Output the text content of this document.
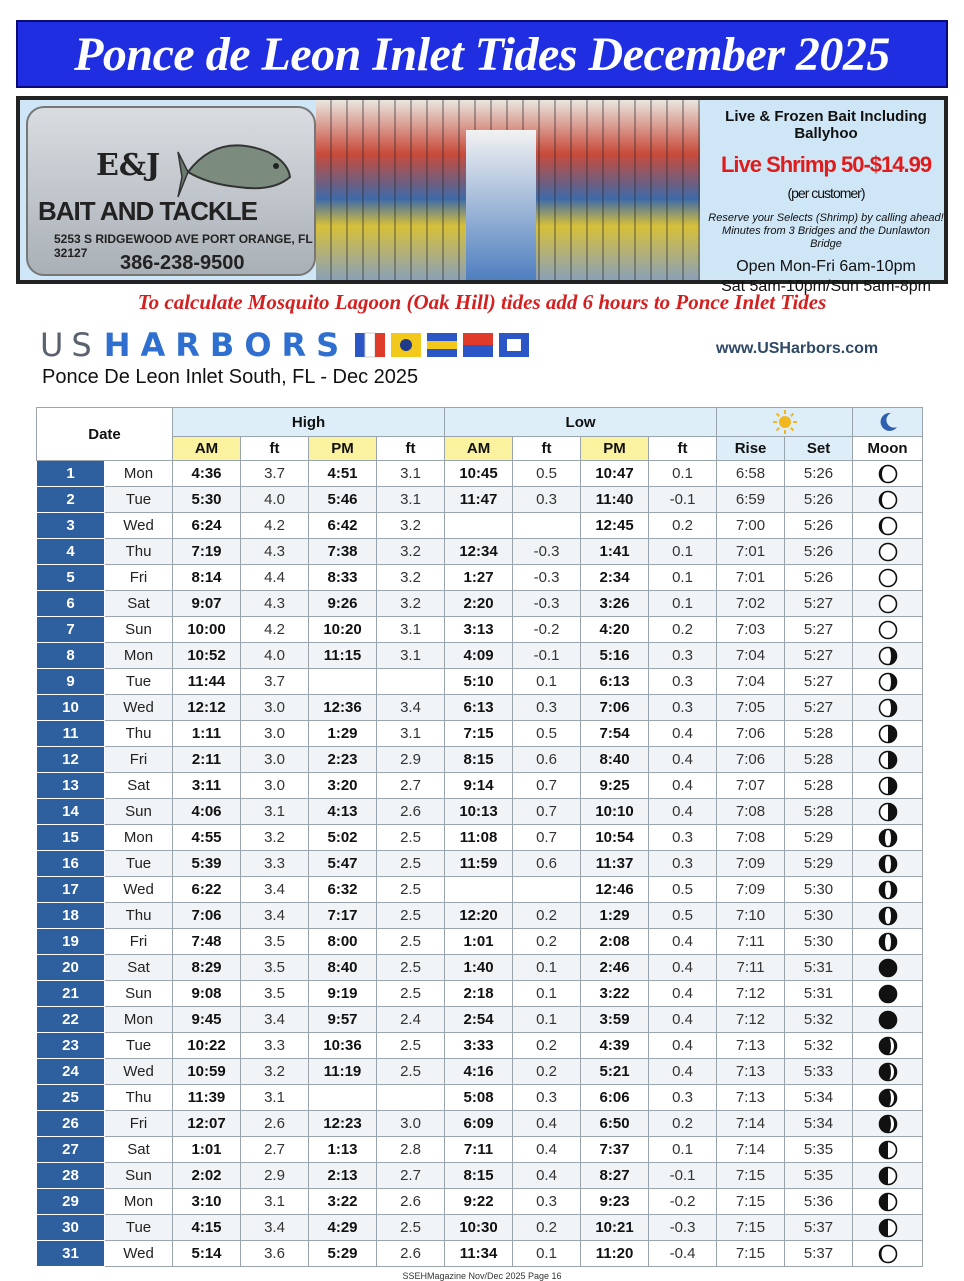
Ponce de Leon Inlet Tides December 2025
E&J
BAIT AND TACKLE
5253 S RIDGEWOOD AVE PORT ORANGE, FL 32127	386-238-9500
Live & Frozen Bait Including Ballyhoo
Live Shrimp 50-$14.99 (per customer)
Reserve your Selects (Shrimp) by calling ahead!
Minutes from 3 Bridges and the Dunlawton Bridge
Open Mon-Fri 6am-10pm
Sat 5am-10pm/Sun 5am-8pm
To calculate Mosquito Lagoon (Oak Hill) tides add 6 hours to Ponce Inlet Tides
US HARBORS	www.USHarbors.com
Ponce De Leon Inlet South, FL - Dec 2025
Date		High				Low		
		AM	ft	PM	ft	AM	ft	PM	ft	Rise	Set	Moon
1	Mon	4:36	3.7	4:51	3.1	10:45	0.5	10:47	0.1	6:58	5:26	
2	Tue	5:30	4.0	5:46	3.1	11:47	0.3	11:40	-0.1	6:59	5:26	
3	Wed	6:24	4.2	6:42	3.2			12:45	0.2	7:00	5:26	
4	Thu	7:19	4.3	7:38	3.2	12:34	-0.3	1:41	0.1	7:01	5:26	
5	Fri	8:14	4.4	8:33	3.2	1:27	-0.3	2:34	0.1	7:01	5:26	
6	Sat	9:07	4.3	9:26	3.2	2:20	-0.3	3:26	0.1	7:02	5:27	
7	Sun	10:00	4.2	10:20	3.1	3:13	-0.2	4:20	0.2	7:03	5:27	
8	Mon	10:52	4.0	11:15	3.1	4:09	-0.1	5:16	0.3	7:04	5:27	
9	Tue	11:44	3.7			5:10	0.1	6:13	0.3	7:04	5:27	
10	Wed	12:12	3.0	12:36	3.4	6:13	0.3	7:06	0.3	7:05	5:27	
11	Thu	1:11	3.0	1:29	3.1	7:15	0.5	7:54	0.4	7:06	5:28	
12	Fri	2:11	3.0	2:23	2.9	8:15	0.6	8:40	0.4	7:06	5:28	
13	Sat	3:11	3.0	3:20	2.7	9:14	0.7	9:25	0.4	7:07	5:28	
14	Sun	4:06	3.1	4:13	2.6	10:13	0.7	10:10	0.4	7:08	5:28	
15	Mon	4:55	3.2	5:02	2.5	11:08	0.7	10:54	0.3	7:08	5:29	
16	Tue	5:39	3.3	5:47	2.5	11:59	0.6	11:37	0.3	7:09	5:29	
17	Wed	6:22	3.4	6:32	2.5			12:46	0.5	7:09	5:30	
18	Thu	7:06	3.4	7:17	2.5	12:20	0.2	1:29	0.5	7:10	5:30	
19	Fri	7:48	3.5	8:00	2.5	1:01	0.2	2:08	0.4	7:11	5:30	
20	Sat	8:29	3.5	8:40	2.5	1:40	0.1	2:46	0.4	7:11	5:31	
21	Sun	9:08	3.5	9:19	2.5	2:18	0.1	3:22	0.4	7:12	5:31	
22	Mon	9:45	3.4	9:57	2.4	2:54	0.1	3:59	0.4	7:12	5:32	
23	Tue	10:22	3.3	10:36	2.5	3:33	0.2	4:39	0.4	7:13	5:32	
24	Wed	10:59	3.2	11:19	2.5	4:16	0.2	5:21	0.4	7:13	5:33	
25	Thu	11:39	3.1			5:08	0.3	6:06	0.3	7:13	5:34	
26	Fri	12:07	2.6	12:23	3.0	6:09	0.4	6:50	0.2	7:14	5:34	
27	Sat	1:01	2.7	1:13	2.8	7:11	0.4	7:37	0.1	7:14	5:35	
28	Sun	2:02	2.9	2:13	2.7	8:15	0.4	8:27	-0.1	7:15	5:35	
29	Mon	3:10	3.1	3:22	2.6	9:22	0.3	9:23	-0.2	7:15	5:36	
30	Tue	4:15	3.4	4:29	2.5	10:30	0.2	10:21	-0.3	7:15	5:37	
31	Wed	5:14	3.6	5:29	2.6	11:34	0.1	11:20	-0.4	7:15	5:37	
SSEHMagazine Nov/Dec 2025 Page 16
